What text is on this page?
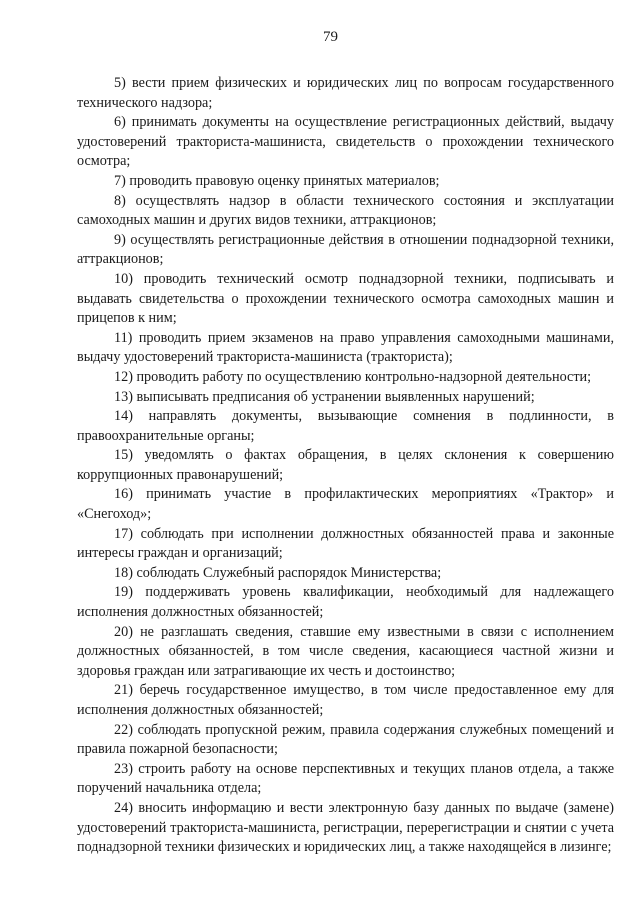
79

5) вести прием физических и юридических лиц по вопросам государственного технического надзора;

6) принимать документы на осуществление регистрационных действий, выдачу удостоверений тракториста-машиниста, свидетельств о прохождении технического осмотра;

7) проводить правовую оценку принятых материалов;

8) осуществлять надзор в области технического состояния и эксплуатации самоходных машин и других видов техники, аттракционов;

9) осуществлять регистрационные действия в отношении поднадзорной техники, аттракционов;

10) проводить технический осмотр поднадзорной техники, подписывать и выдавать свидетельства о прохождении технического осмотра самоходных машин и прицепов к ним;

11) проводить прием экзаменов на право управления самоходными машинами, выдачу удостоверений тракториста-машиниста (тракториста);

12) проводить работу по осуществлению контрольно-надзорной деятельности;

13) выписывать предписания об устранении выявленных нарушений;

14) направлять документы, вызывающие сомнения в подлинности, в правоохранительные органы;

15) уведомлять о фактах обращения, в целях склонения к совершению коррупционных правонарушений;

16) принимать участие в профилактических мероприятиях «Трактор» и «Снегоход»;

17) соблюдать при исполнении должностных обязанностей права и законные интересы граждан и организаций;

18) соблюдать Служебный распорядок Министерства;

19) поддерживать уровень квалификации, необходимый для надлежащего исполнения должностных обязанностей;

20) не разглашать сведения, ставшие ему известными в связи с исполнением должностных обязанностей, в том числе сведения, касающиеся частной жизни и здоровья граждан или затрагивающие их честь и достоинство;

21) беречь государственное имущество, в том числе предоставленное ему для исполнения должностных обязанностей;

22) соблюдать пропускной режим, правила содержания служебных помещений и правила пожарной безопасности;

23) строить работу на основе перспективных и текущих планов отдела, а также поручений начальника отдела;

24) вносить информацию и вести электронную базу данных по выдаче (замене) удостоверений тракториста-машиниста, регистрации, перерегистрации и снятии с учета поднадзорной техники физических и юридических лиц, а также находящейся в лизинге;
